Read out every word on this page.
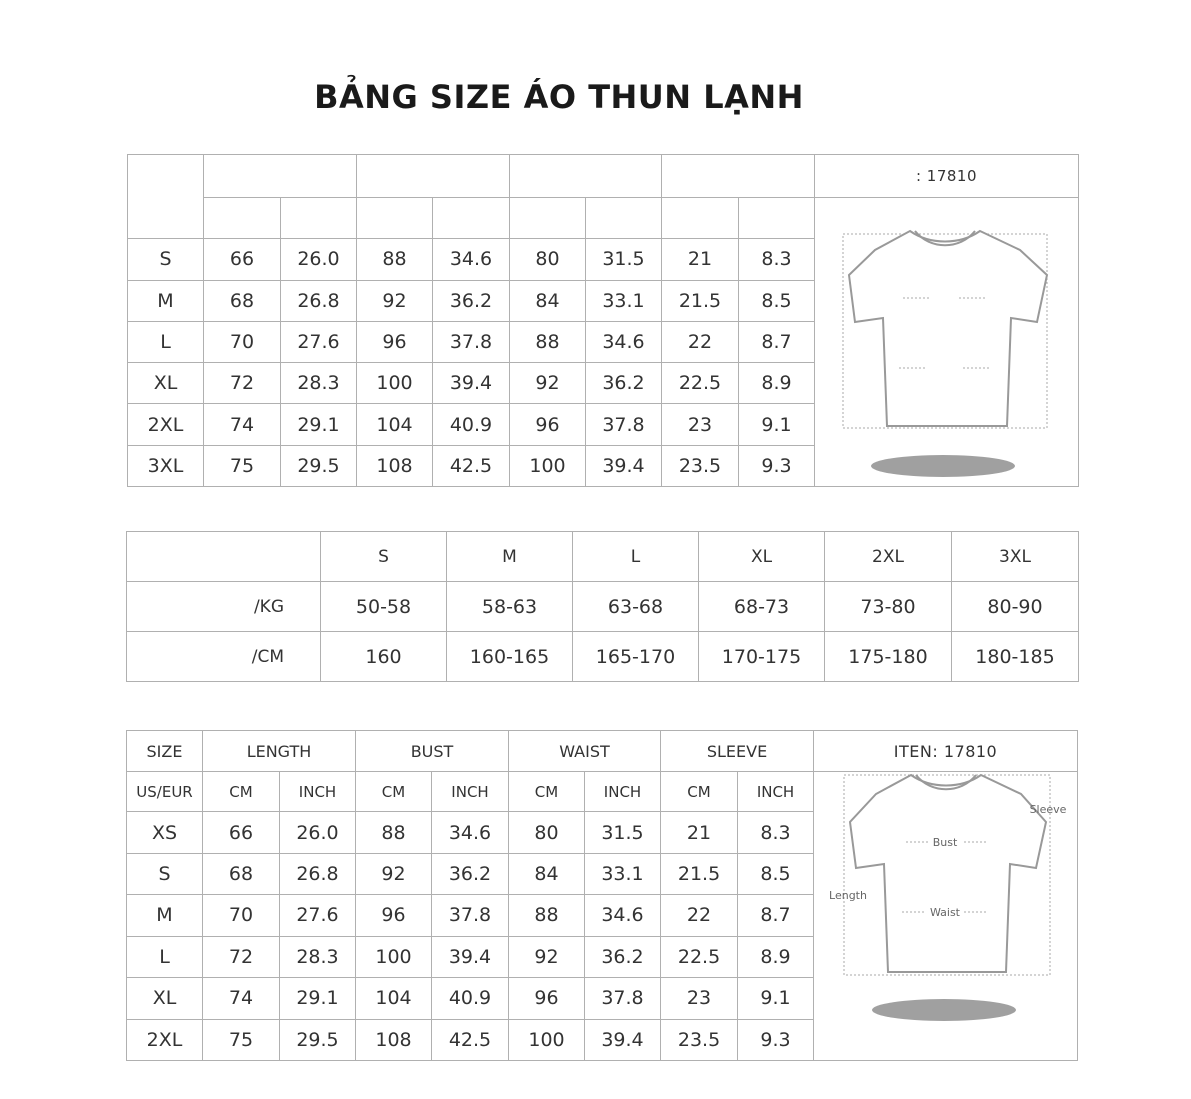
BẢNG SIZE ÁO THUN LẠNH
									: 17810

S	66	26.0	88	34.6	80	31.5	21	8.3	
M	68	26.8	92	36.2	84	33.1	21.5	8.5	
L	70	27.6	96	37.8	88	34.6	22	8.7	
XL	72	28.3	100	39.4	92	36.2	22.5	8.9	
2XL	74	29.1	104	40.9	96	37.8	23	9.1	
3XL	75	29.5	108	42.5	100	39.4	23.5	9.3	
	S	M	L	XL	2XL	3XL
/KG	50-58	58-63	63-68	68-73	73-80	80-90
/CM	160	160-165	165-170	170-175	175-180	180-185
SIZE	LENGTH		BUST		WAIST		SLEEVE		ITEN: 17810
US/EUR	CM	INCH	CM	INCH	CM	INCH	CM	INCH	Bust
Waist
Sleeve
Length

XS	66	26.0	88	34.6	80	31.5	21	8.3	
S	68	26.8	92	36.2	84	33.1	21.5	8.5	
M	70	27.6	96	37.8	88	34.6	22	8.7	
L	72	28.3	100	39.4	92	36.2	22.5	8.9	
XL	74	29.1	104	40.9	96	37.8	23	9.1	
2XL	75	29.5	108	42.5	100	39.4	23.5	9.3	
